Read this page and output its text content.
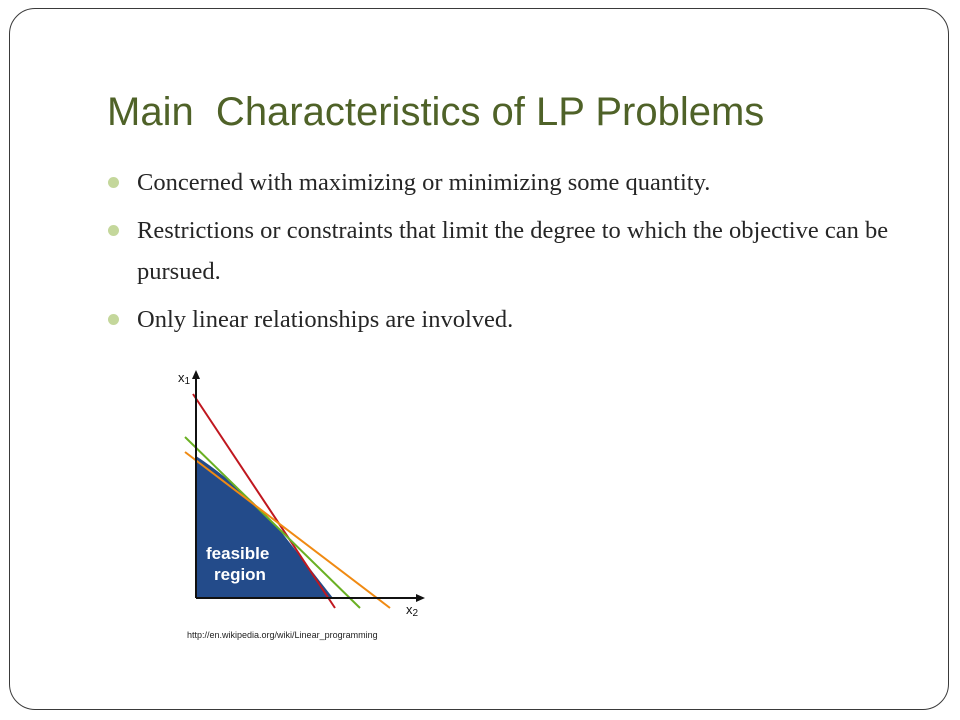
Main  Characteristics of LP Problems
Concerned with maximizing or minimizing some quantity.
Restrictions or constraints that limit the degree to which the objective can be pursued.
Only linear relationships are involved.
x1
x2
feasible
region
http://en.wikipedia.org/wiki/Linear_programming
